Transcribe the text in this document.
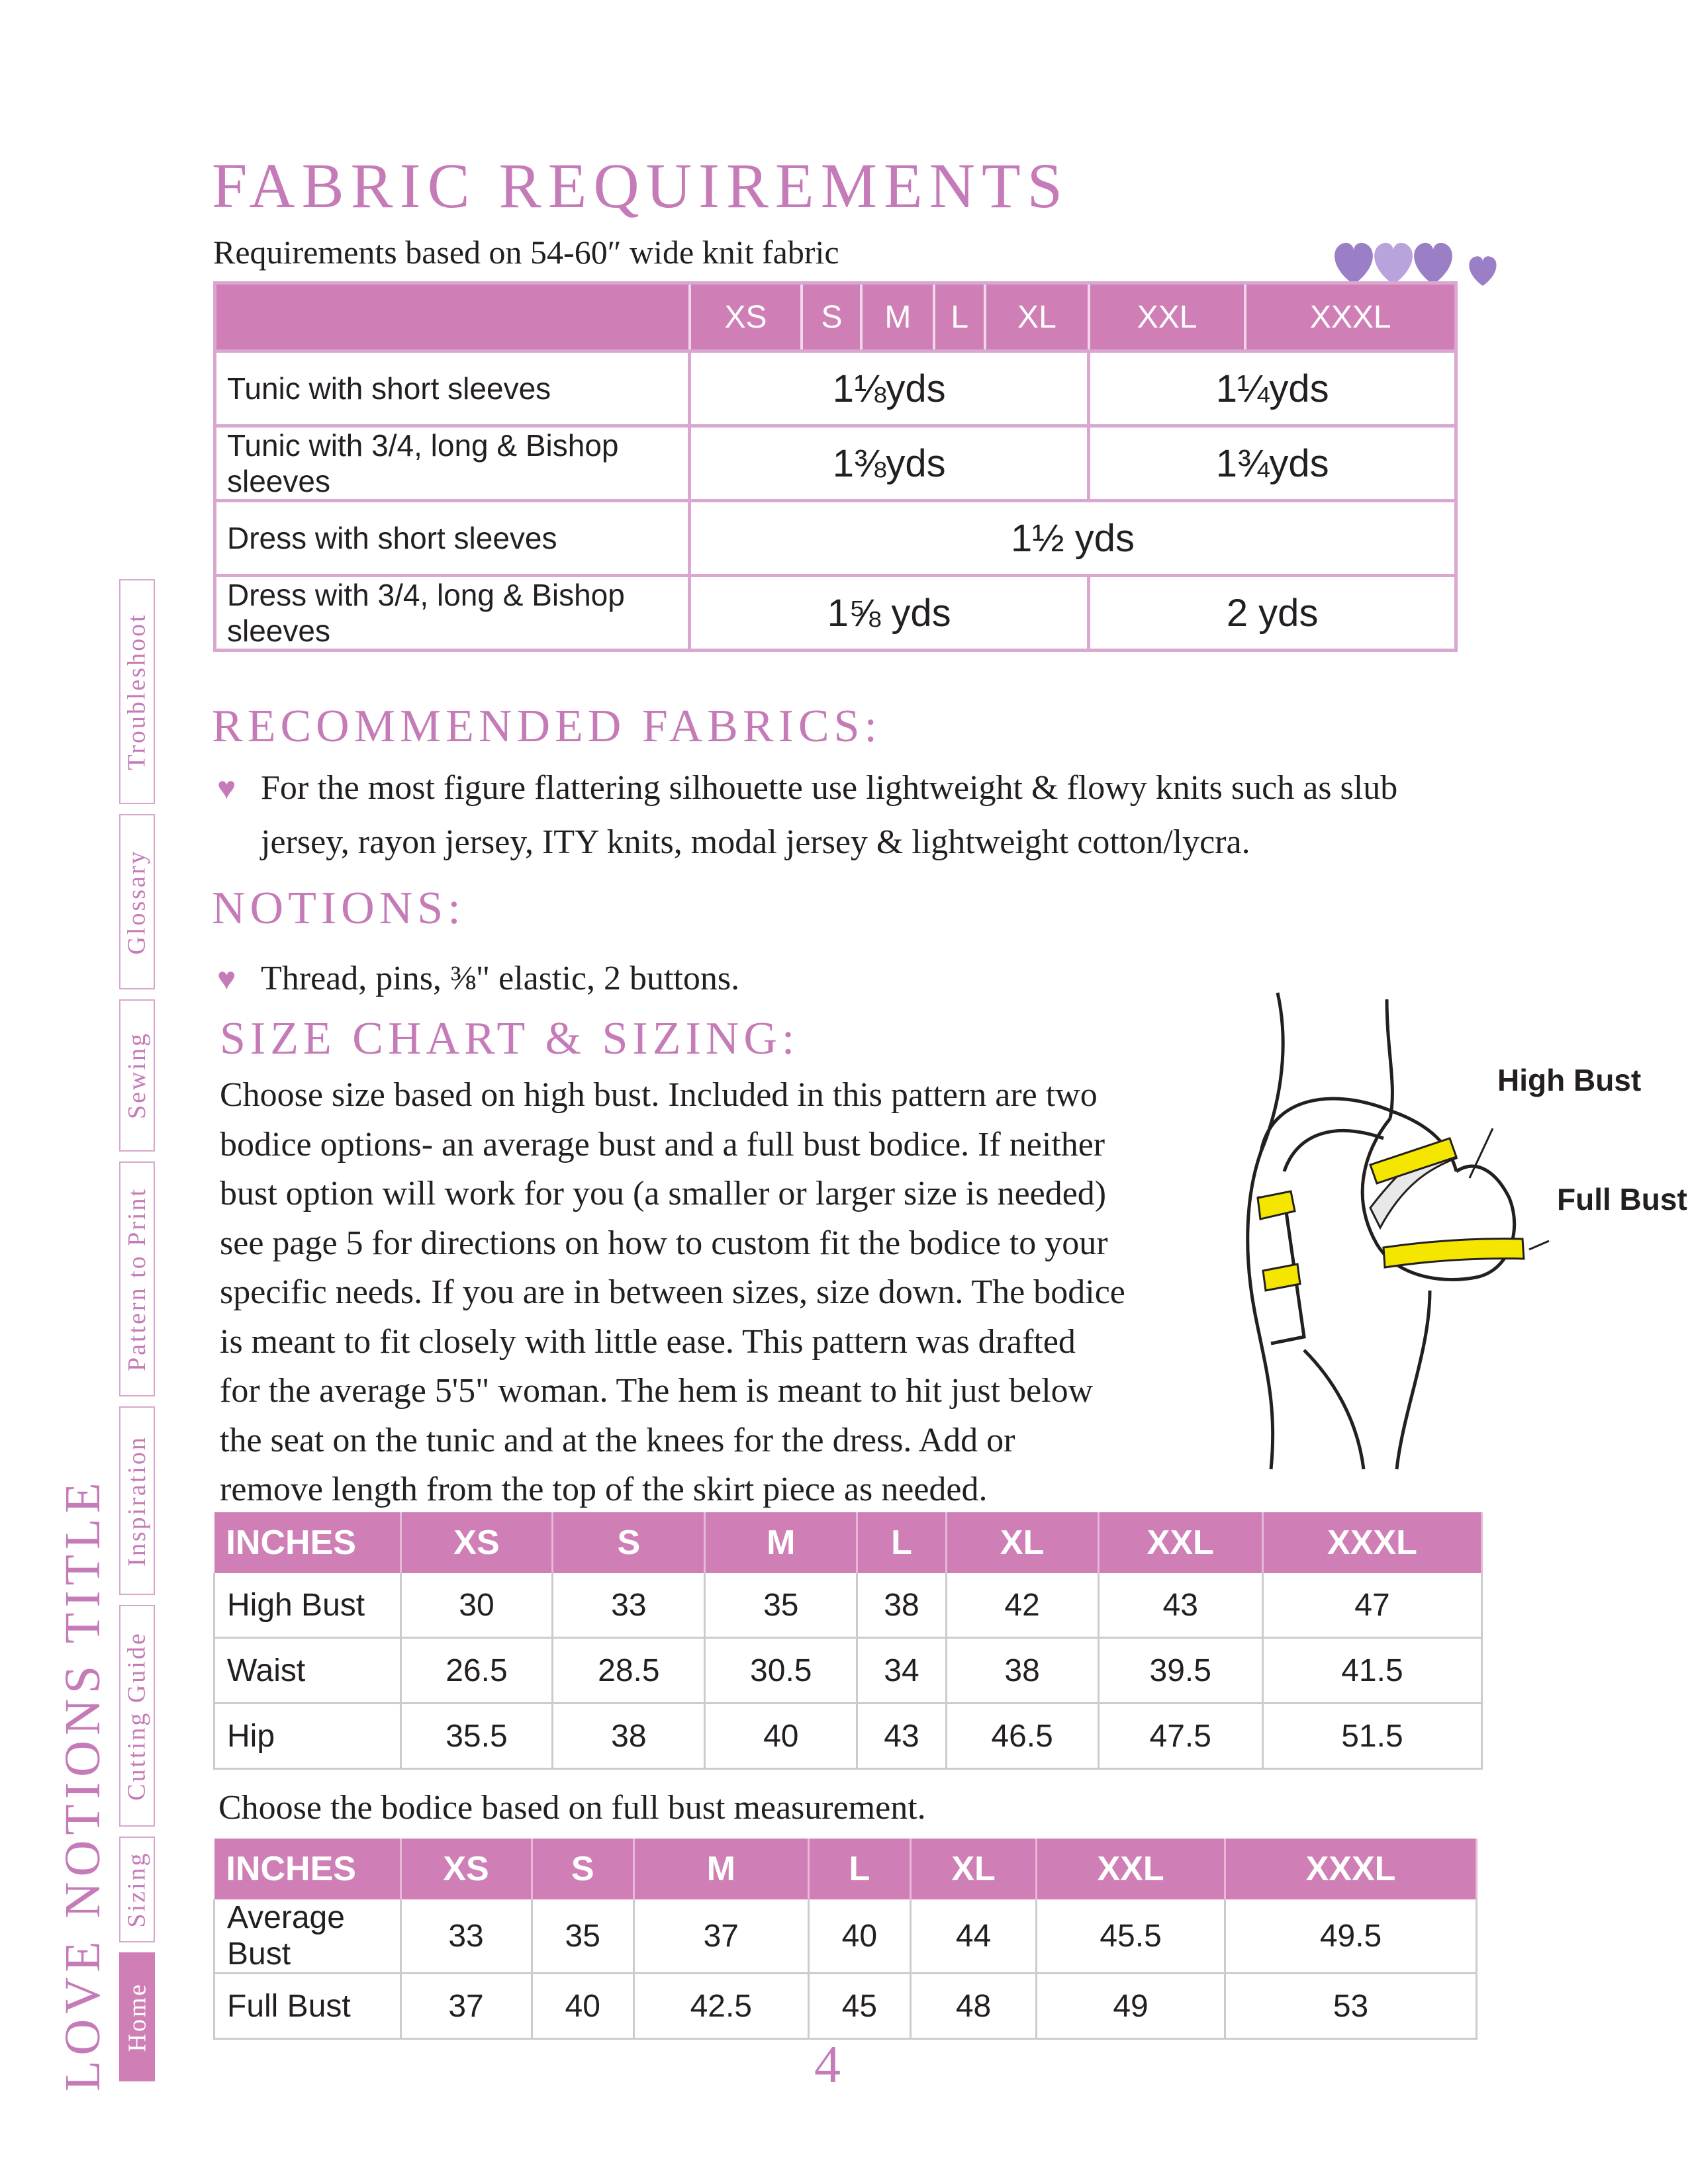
FABRIC REQUIREMENTS
Requirements based on 54-60″ wide knit fabric
	XS	S	M	L	XL	XXL	XXXL
Tunic with short sleeves	1⅛yds					1¼yds	
Tunic with 3/4, long & Bishop sleeves	1⅜yds					1¾yds	
Dress with short sleeves	1½ yds						
Dress with 3/4, long & Bishop sleeves	1⅝ yds					2 yds	
RECOMMENDED FABRICS:
♥ For the most figure flattering silhouette use lightweight & flowy knits such as slub
jersey, rayon jersey, ITY knits, modal jersey & lightweight cotton/lycra.
NOTIONS:
♥ Thread, pins, ⅜" elastic, 2 buttons.
SIZE CHART & SIZING:
Choose size based on high bust. Included in this pattern are two
bodice options- an average bust and a full bust bodice. If neither
bust option will work for you (a smaller or larger size is needed)
see page 5 for directions on how to custom fit the bodice to your
specific needs. If you are in between sizes, size down. The bodice
is meant to fit closely with little ease. This pattern was drafted
for the average 5'5" woman. The hem is meant to hit just below
the seat on the tunic and at the knees for the dress. Add or
remove length from the top of the skirt piece as needed.
High Bust
Full Bust
INCHES	XS	S	M	L	XL	XXL	XXXL
High Bust	30	33	35	38	42	43	47
Waist	26.5	28.5	30.5	34	38	39.5	41.5
Hip	35.5	38	40	43	46.5	47.5	51.5
Choose the bodice based on full bust measurement.
INCHES	XS	S	M	L	XL	XXL	XXXL
Average Bust	33	35	37	40	44	45.5	49.5
Full Bust	37	40	42.5	45	48	49	53
4
LOVE NOTIONS TITLE Home
Sizing
Cutting Guide
Inspiration
Pattern to Print
Sewing
Glossary
Troubleshoot
